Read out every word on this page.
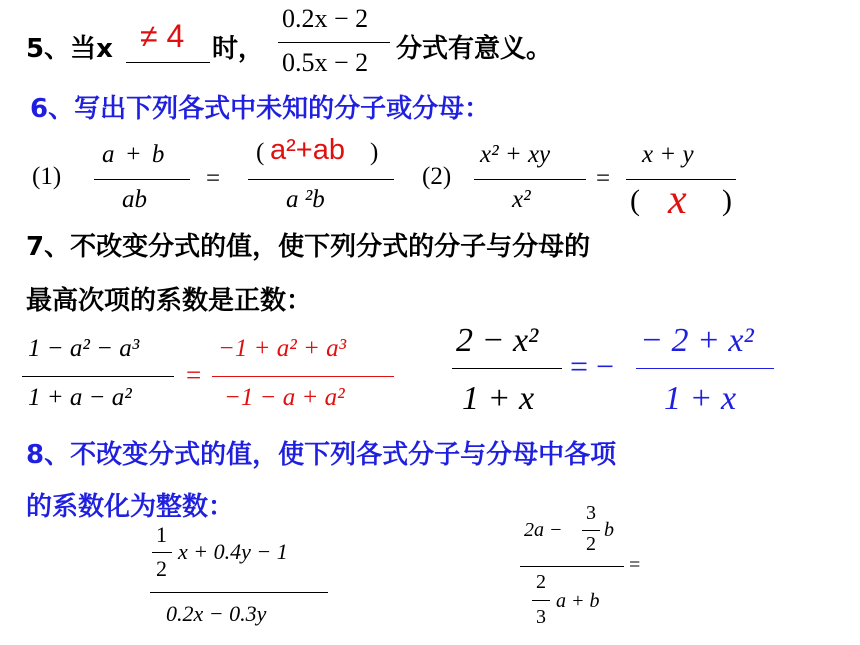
5、当x ≠ 4 时，
0.2x − 2
0.5x − 2 分式有意义。
6、写出下列各式中未知的分子或分母：
(1)
a + b
ab
=
( a²+ab )
a ²b
(2)
x² + xy
x²
=
x + y
( x )
7、不改变分式的值，使下列分式的分子与分母的
最高次项的系数是正数：
1 − a² − a³
1 + a − a²
=
−1 + a² + a³
−1 − a + a²
2 − x²
1 + x
= −
− 2 + x²
1 + x
8、不改变分式的值，使下列各式分子与分母中各项
的系数化为整数：
1
2
x + 0.4y − 1
0.2x − 0.3y
2a −
3
2
b
=
2
3
a + b
